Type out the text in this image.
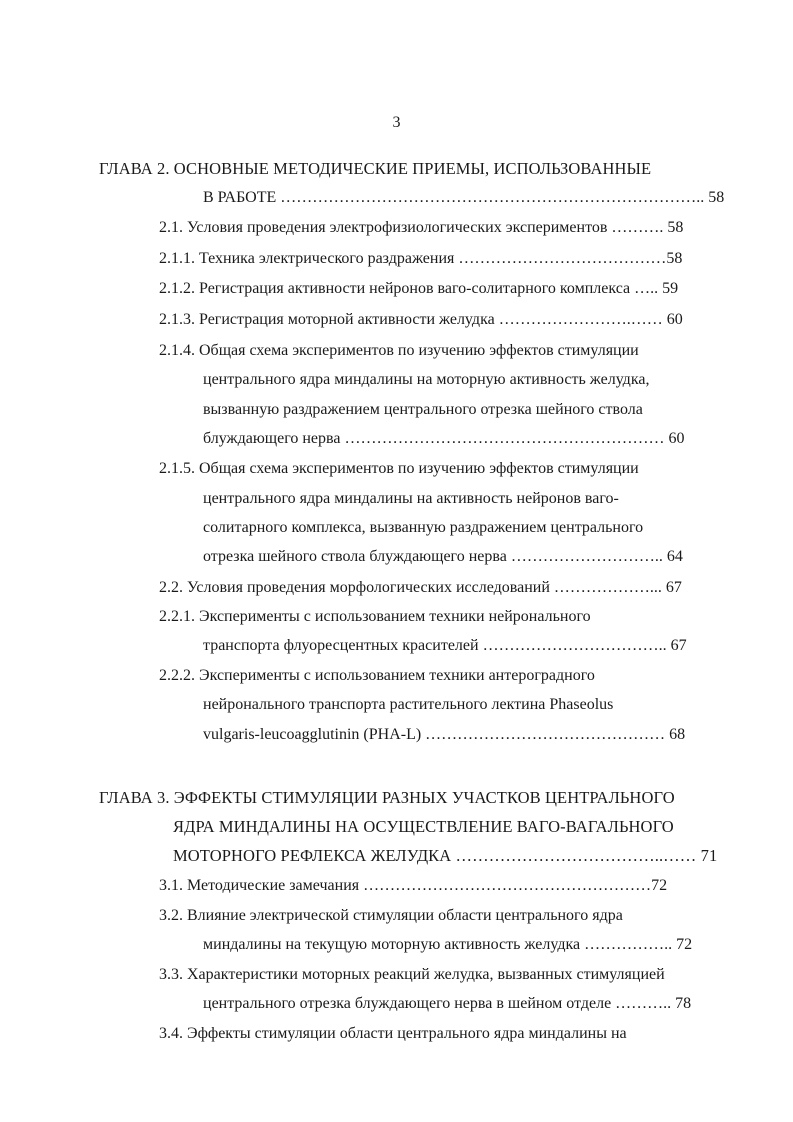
3
ГЛАВА 2. ОСНОВНЫЕ МЕТОДИЧЕСКИЕ ПРИЕМЫ, ИСПОЛЬЗОВАННЫЕ
В РАБОТЕ …………………………………………………………………….. 58
2.1. Условия проведения электрофизиологических экспериментов ………. 58
2.1.1. Техника электрического раздражения …………………………………58
2.1.2. Регистрация активности нейронов ваго-солитарного комплекса ….. 59
2.1.3. Регистрация моторной активности желудка …………………….…… 60
2.1.4. Общая схема экспериментов по изучению эффектов стимуляции
центрального ядра миндалины на моторную активность желудка,
вызванную раздражением центрального отрезка шейного ствола
блуждающего нерва …………………………………………………… 60
2.1.5. Общая схема экспериментов по изучению эффектов стимуляции
центрального ядра миндалины на активность нейронов ваго-
солитарного комплекса, вызванную раздражением центрального
отрезка шейного ствола блуждающего нерва ……………………….. 64
2.2. Условия проведения морфологических исследований ………………... 67
2.2.1. Эксперименты с использованием техники нейронального
транспорта флуоресцентных красителей …………………………….. 67
2.2.2. Эксперименты с использованием техники антероградного
нейронального транспорта растительного лектина Phaseolus
vulgaris-leucoagglutinin (PHA-L) ……………………………………… 68
ГЛАВА 3. ЭФФЕКТЫ СТИМУЛЯЦИИ РАЗНЫХ УЧАСТКОВ ЦЕНТРАЛЬНОГО
ЯДРА МИНДАЛИНЫ НА ОСУЩЕСТВЛЕНИЕ ВАГО-ВАГАЛЬНОГО
МОТОРНОГО РЕФЛЕКСА ЖЕЛУДКА ………………………………..…… 71
3.1. Методические замечания ………………………………………………72
3.2. Влияние электрической стимуляции области центрального ядра
миндалины на текущую моторную активность желудка …………….. 72
3.3. Характеристики моторных реакций желудка, вызванных стимуляцией
центрального отрезка блуждающего нерва в шейном отделе ……….. 78
3.4. Эффекты стимуляции области центрального ядра миндалины на
